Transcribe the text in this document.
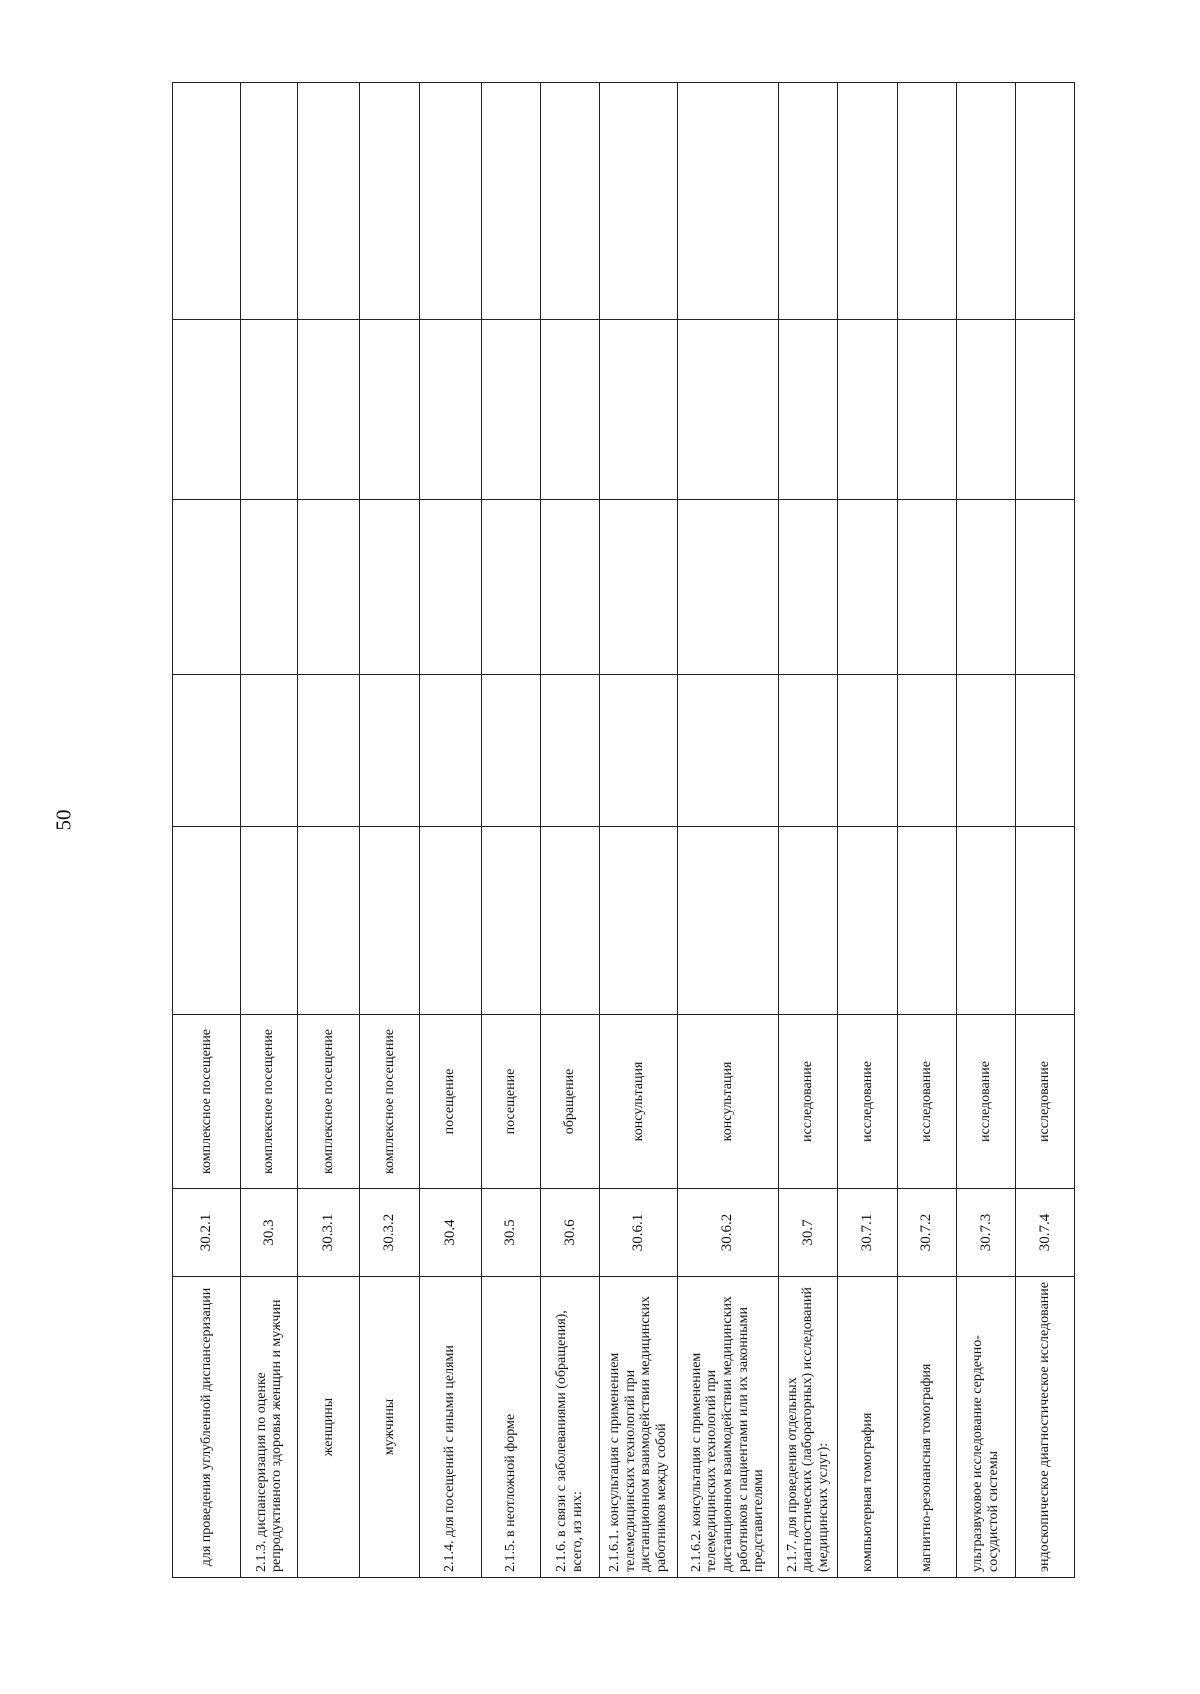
50
для проведения углубленной диспансеризации	30.2.1	комплексное посещение					
2.1.3. диспансеризация по оценке репродуктивного здоровья женщин и мужчин	30.3	комплексное посещение					
женщины	30.3.1	комплексное посещение					
мужчины	30.3.2	комплексное посещение					
2.1.4. для посещений с иными целями	30.4	посещение					
2.1.5. в неотложной форме	30.5	посещение					
2.1.6. в связи с заболеваниями (обращения), всего, из них:	30.6	обращение					
2.1.6.1. консультация с применением телемедицинских технологий при дистанционном взаимодействии медицинских работников между собой	30.6.1	консультация					
2.1.6.2. консультация с применением телемедицинских технологий при дистанционном взаимодействии медицинских работников с пациентами или их законными представителями	30.6.2	консультация					
2.1.7. для проведения отдельных диагностических (лабораторных) исследований (медицинских услуг):	30.7	исследование					
компьютерная томография	30.7.1	исследование					
магнитно-резонансная томография	30.7.2	исследование					
ультразвуковое исследование сердечно-сосудистой системы	30.7.3	исследование					
эндоскопическое диагностическое исследование	30.7.4	исследование					
